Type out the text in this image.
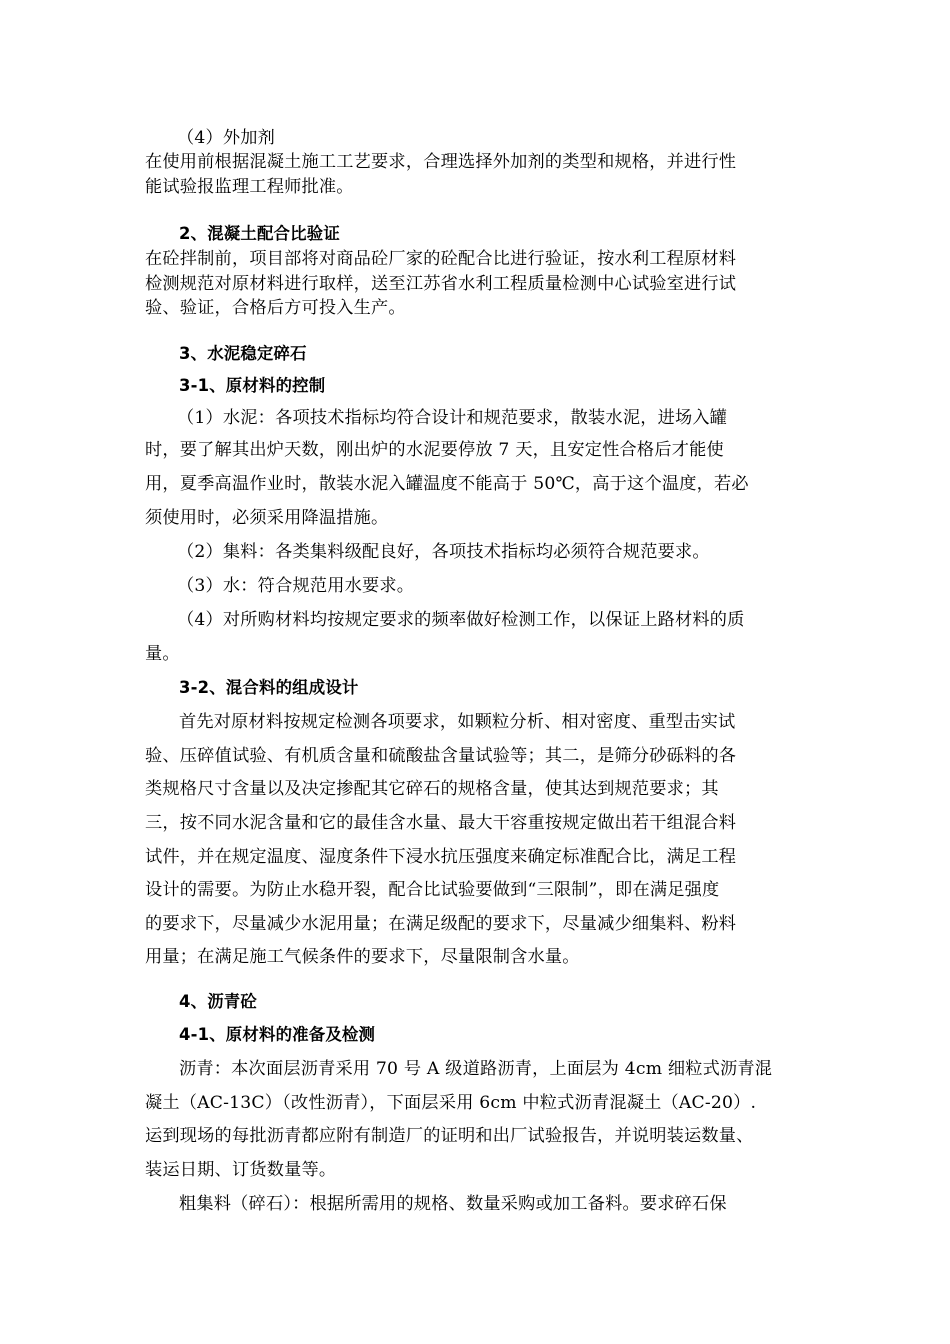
（4）外加剂
在使用前根据混凝土施工工艺要求，合理选择外加剂的类型和规格，并进行性
能试验报监理工程师批准。
2、混凝土配合比验证
在砼拌制前，项目部将对商品砼厂家的砼配合比进行验证，按水利工程原材料
检测规范对原材料进行取样，送至江苏省水利工程质量检测中心试验室进行试
验、验证，合格后方可投入生产。
3、水泥稳定碎石
3-1、原材料的控制
（1）水泥：各项技术指标均符合设计和规范要求，散装水泥，进场入罐
时，要了解其出炉天数，刚出炉的水泥要停放 7 天，且安定性合格后才能使
用，夏季高温作业时，散装水泥入罐温度不能高于 50℃，高于这个温度，若必
须使用时，必须采用降温措施。
（2）集料：各类集料级配良好，各项技术指标均必须符合规范要求。
（3）水：符合规范用水要求。
（4）对所购材料均按规定要求的频率做好检测工作，以保证上路材料的质
量。
3-2、混合料的组成设计
首先对原材料按规定检测各项要求，如颗粒分析、相对密度、重型击实试
验、压碎值试验、有机质含量和硫酸盐含量试验等；其二，是筛分砂砾料的各
类规格尺寸含量以及决定掺配其它碎石的规格含量，使其达到规范要求；其
三，按不同水泥含量和它的最佳含水量、最大干容重按规定做出若干组混合料
试件，并在规定温度、湿度条件下浸水抗压强度来确定标准配合比，满足工程
设计的需要。为防止水稳开裂，配合比试验要做到“三限制”，即在满足强度
的要求下，尽量减少水泥用量；在满足级配的要求下，尽量减少细集料、粉料
用量；在满足施工气候条件的要求下，尽量限制含水量。
4、沥青砼
4-1、原材料的准备及检测
沥青：本次面层沥青采用 70 号 A 级道路沥青，上面层为 4cm 细粒式沥青混
凝土（AC-13C）（改性沥青），下面层采用 6cm 中粒式沥青混凝土（AC-20）.
运到现场的每批沥青都应附有制造厂的证明和出厂试验报告，并说明装运数量、
装运日期、订货数量等。
粗集料（碎石）：根据所需用的规格、数量采购或加工备料。要求碎石保
